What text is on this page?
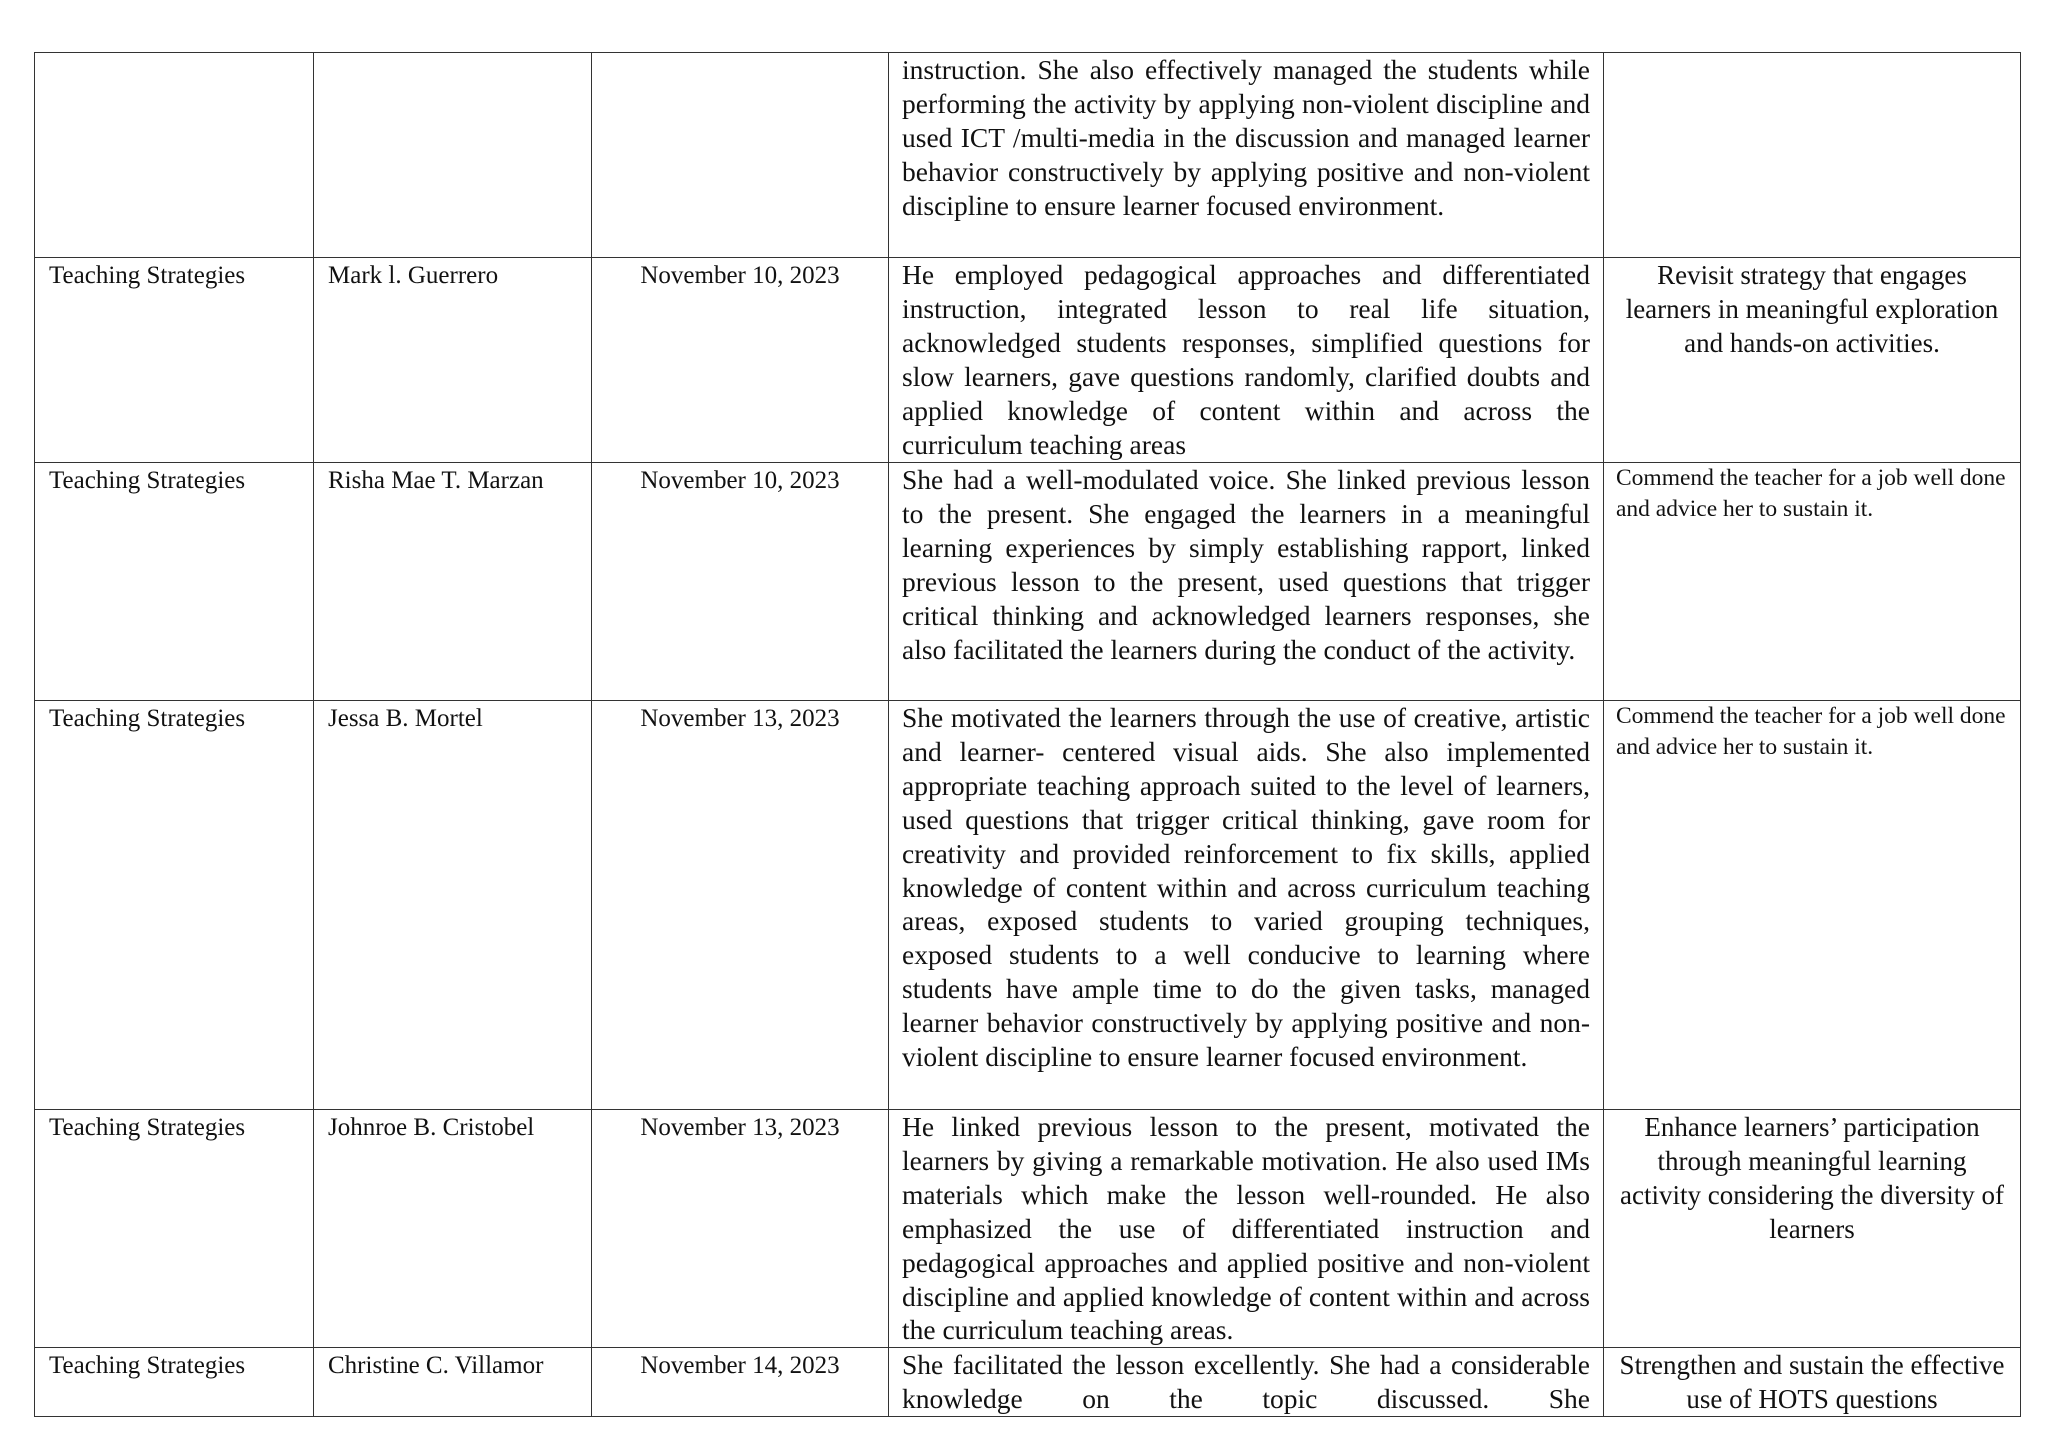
			instruction. She also effectively managed the students while performing the activity by applying non-violent discipline and used ICT /multi-media in the discussion and managed learner behavior constructively by applying positive and non-violent discipline to ensure learner focused environment.	
Teaching Strategies	Mark l. Guerrero	November 10, 2023	He employed pedagogical approaches and differentiated instruction, integrated lesson to real life situation, acknowledged students responses, simplified questions for slow learners, gave questions randomly, clarified doubts and applied knowledge of content within and across the curriculum teaching areas	Revisit strategy that engages learners in meaningful exploration and hands-on activities.
Teaching Strategies	Risha Mae T. Marzan	November 10, 2023	She had a well-modulated voice. She linked previous lesson to the present. She engaged the learners in a meaningful learning experiences by simply establishing rapport, linked previous lesson to the present, used questions that trigger critical thinking and acknowledged learners responses, she also facilitated the learners during the conduct of the activity.	Commend the teacher for a job well done and advice her to sustain it.
Teaching Strategies	Jessa B. Mortel	November 13, 2023	She motivated the learners through the use of creative, artistic and learner- centered visual aids. She also implemented appropriate teaching approach suited to the level of learners, used questions that trigger critical thinking, gave room for creativity and provided reinforcement to fix skills, applied knowledge of content within and across curriculum teaching areas, exposed students to varied grouping techniques, exposed students to a well conducive to learning where students have ample time to do the given tasks, managed learner behavior constructively by applying positive and non-violent discipline to ensure learner focused environment.	Commend the teacher for a job well done and advice her to sustain it.
Teaching Strategies	Johnroe B. Cristobel	November 13, 2023	He linked previous lesson to the present, motivated the learners by giving a remarkable motivation. He also used IMs materials which make the lesson well-rounded. He also emphasized the use of differentiated instruction and pedagogical approaches and applied positive and non-violent discipline and applied knowledge of content within and across the curriculum teaching areas.	Enhance learners’ participation through meaningful learning activity considering the diversity of learners
Teaching Strategies	Christine C. Villamor	November 14, 2023	She facilitated the lesson excellently. She had a considerable knowledge on the topic discussed. She	Strengthen and sustain the effective use of HOTS questions
